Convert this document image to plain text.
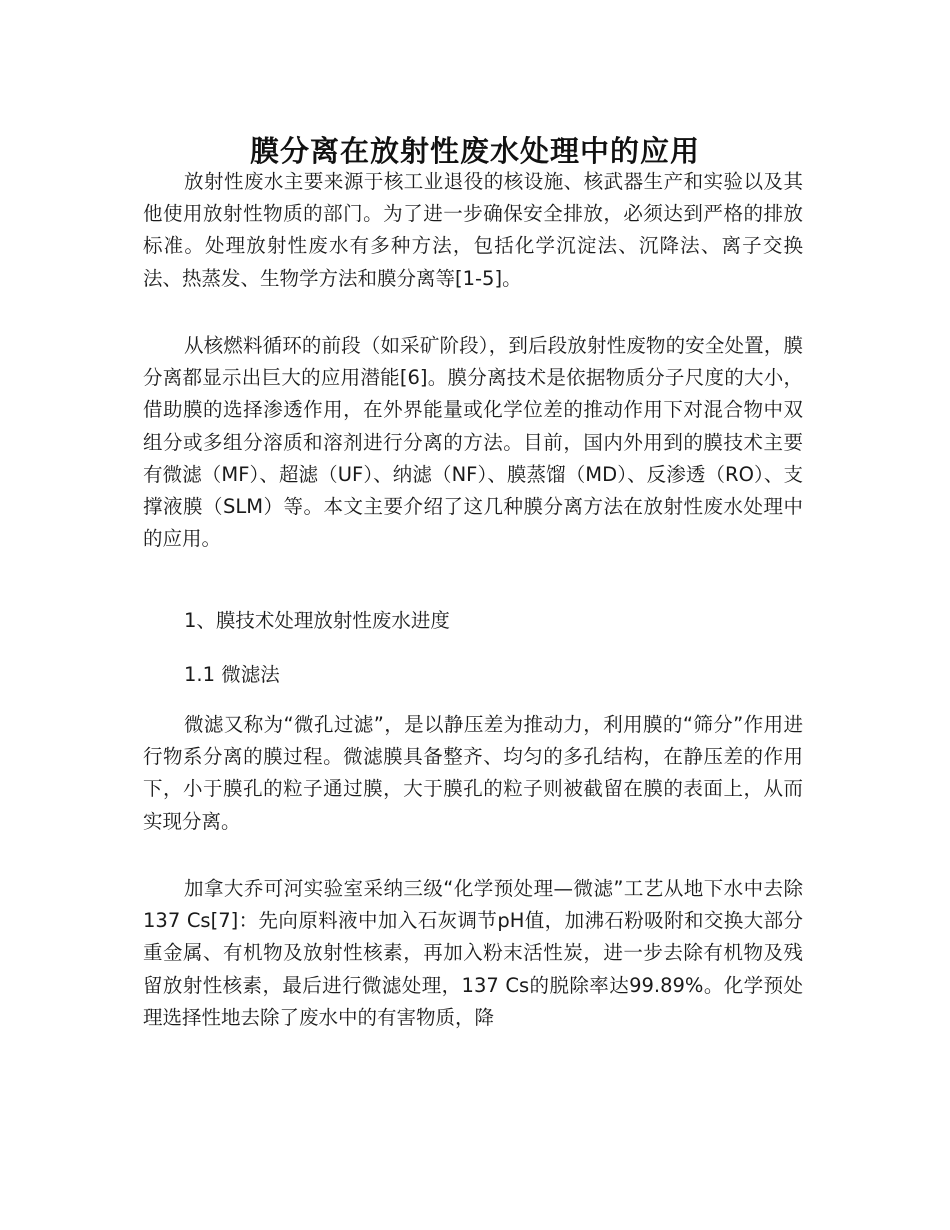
膜分离在放射性废水处理中的应用

放射性废水主要来源于核工业退役的核设施、核武器生产和实验以及其他使用放射性物质的部门。为了进一步确保安全排放，必须达到严格的排放标准。处理放射性废水有多种方法，包括化学沉淀法、沉降法、离子交换法、热蒸发、生物学方法和膜分离等[1-5]。

从核燃料循环的前段（如采矿阶段），到后段放射性废物的安全处置，膜分离都显示出巨大的应用潜能[6]。膜分离技术是依据物质分子尺度的大小，借助膜的选择渗透作用，在外界能量或化学位差的推动作用下对混合物中双组分或多组分溶质和溶剂进行分离的方法。目前，国内外用到的膜技术主要有微滤（MF）、超滤（UF）、纳滤（NF）、膜蒸馏（MD）、反渗透（RO）、支撑液膜（SLM）等。本文主要介绍了这几种膜分离方法在放射性废水处理中的应用。

1、膜技术处理放射性废水进度

1.1 微滤法

微滤又称为“微孔过滤”，是以静压差为推动力，利用膜的“筛分”作用进行物系分离的膜过程。微滤膜具备整齐、均匀的多孔结构，在静压差的作用下，小于膜孔的粒子通过膜，大于膜孔的粒子则被截留在膜的表面上，从而实现分离。

加拿大乔可河实验室采纳三级“化学预处理—微滤”工艺从地下水中去除137 Cs[7]：先向原料液中加入石灰调节pH值，加沸石粉吸附和交换大部分重金属、有机物及放射性核素，再加入粉末活性炭，进一步去除有机物及残留放射性核素，最后进行微滤处理，137 Cs的脱除率达99.89%。化学预处理选择性地去除了废水中的有害物质，降
